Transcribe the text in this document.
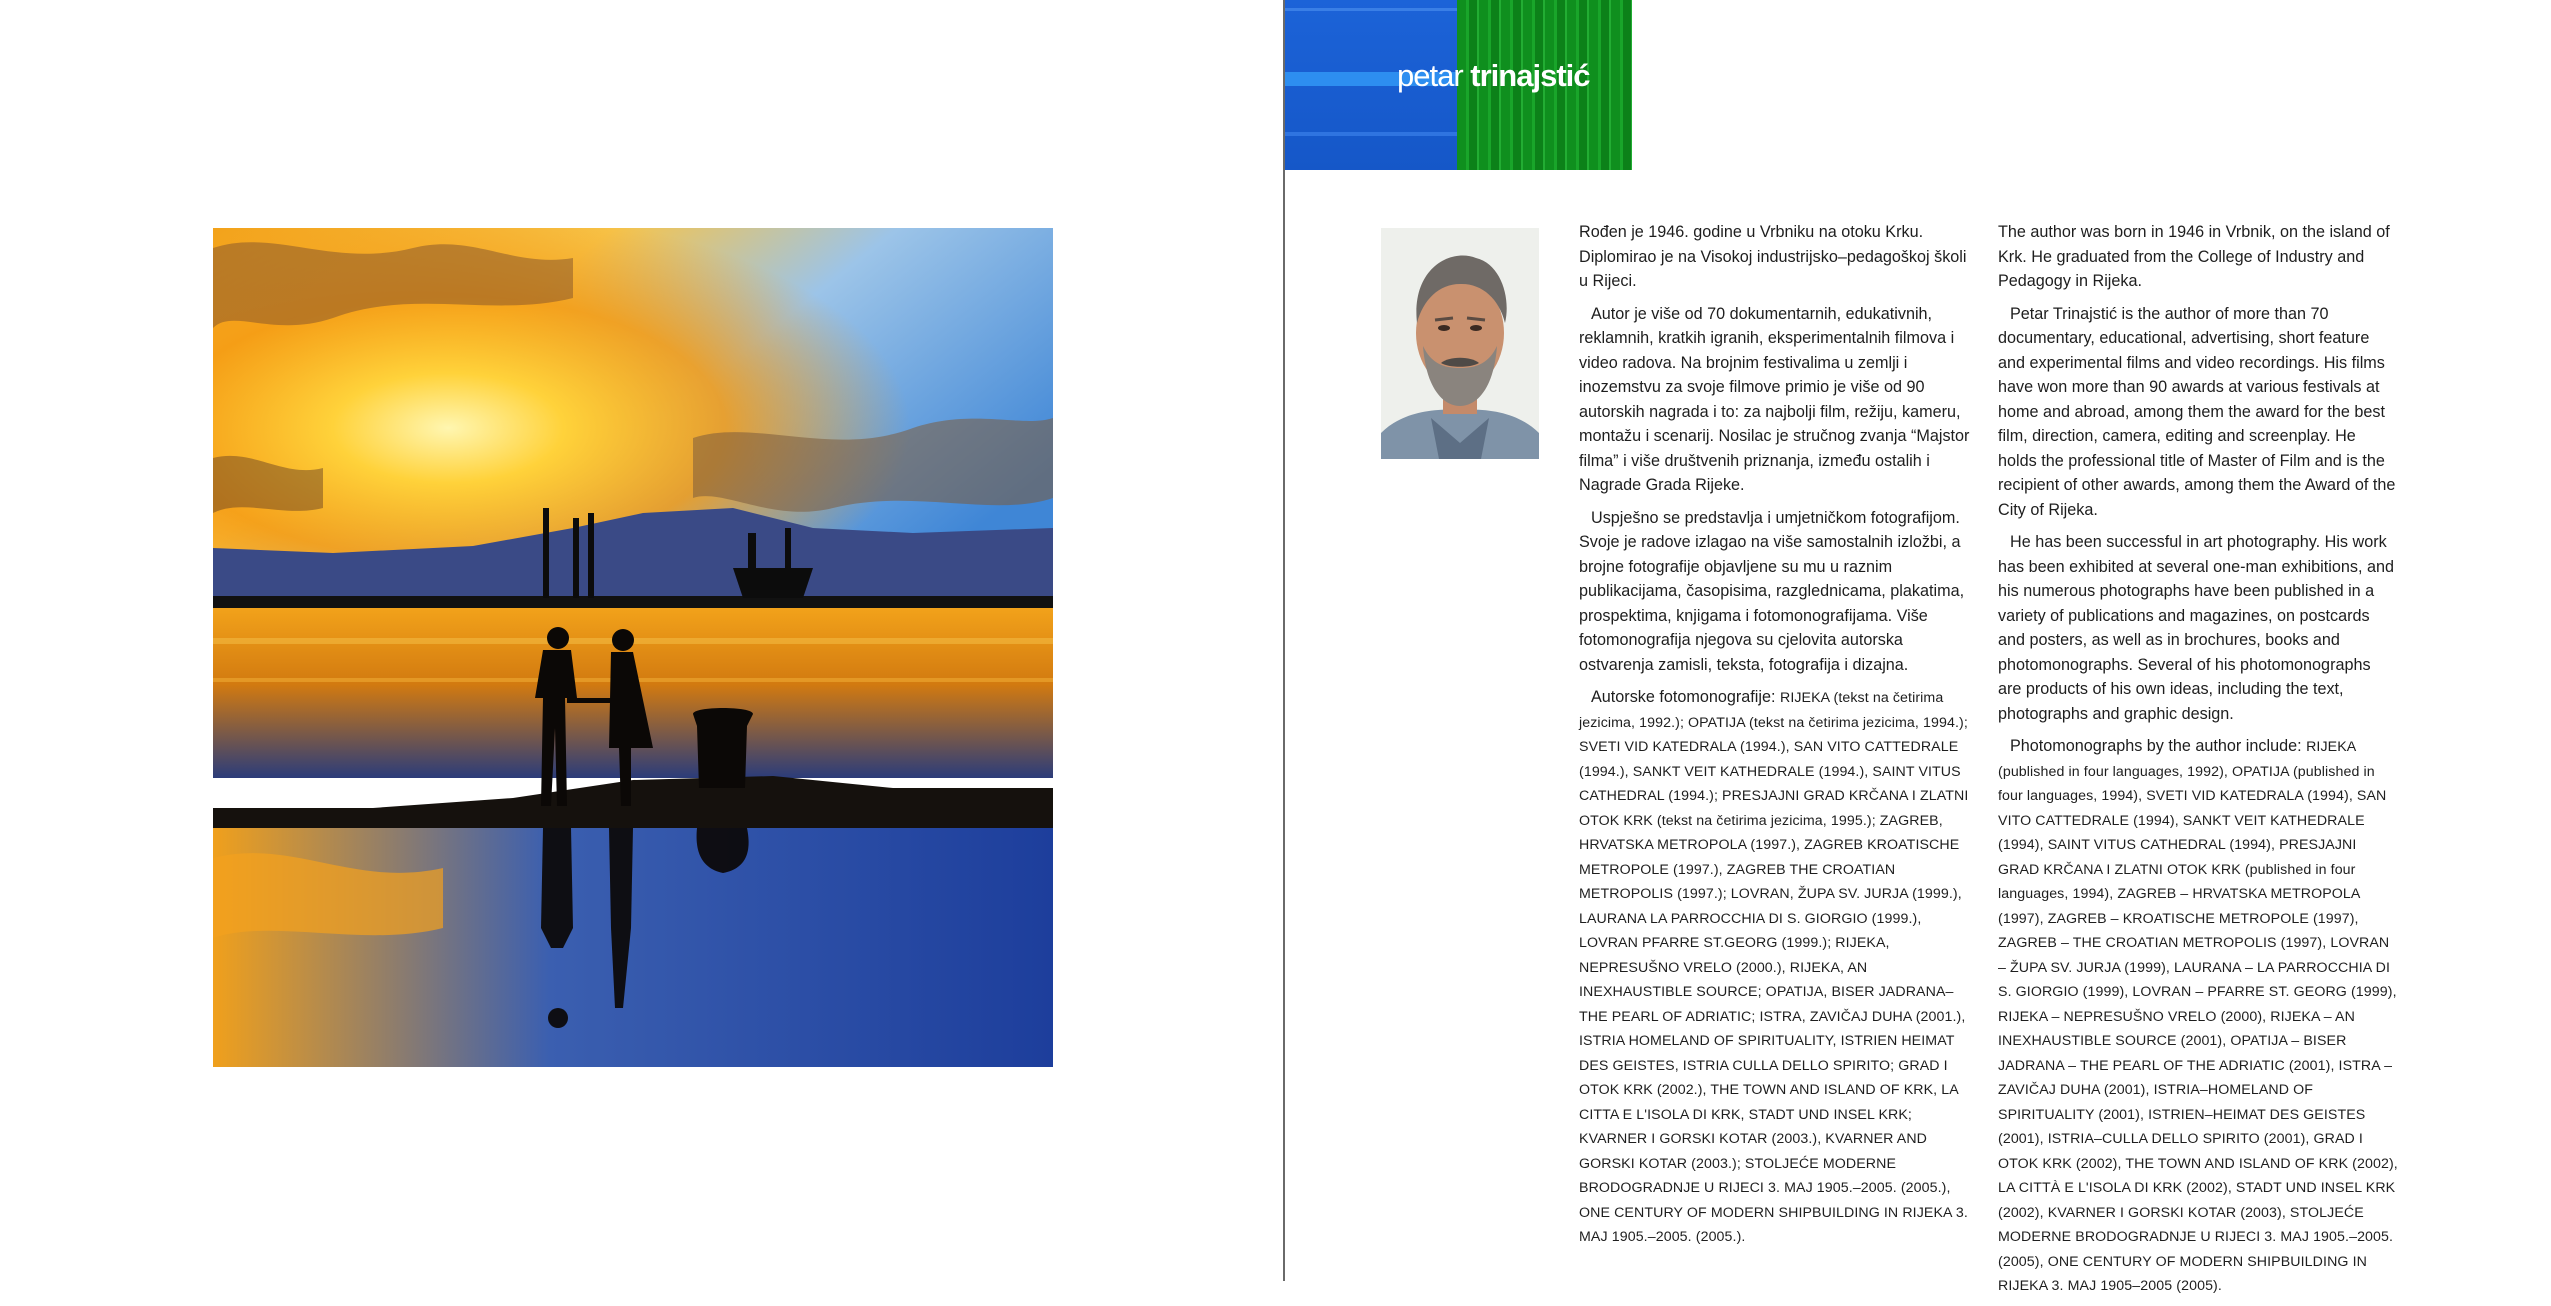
petar trinajstić

Rođen je 1946. godine u Vrbniku na otoku Krku. Diplomirao je na Visokoj industrijsko–pedagoškoj školi u Rijeci.

Autor je više od 70 dokumentarnih, edukativnih, reklamnih, kratkih igranih, eksperimentalnih filmova i video radova. Na brojnim festivalima u zemlji i inozemstvu za svoje filmove primio je više od 90 autorskih nagrada i to: za najbolji film, režiju, kameru, montažu i scenarij. Nosilac je stručnog zvanja “Majstor filma” i više društvenih priznanja, između ostalih i Nagrade Grada Rijeke.

Uspješno se predstavlja i umjetničkom fotografijom. Svoje je radove izlagao na više samostalnih izložbi, a brojne fotografije objavljene su mu u raznim publikacijama, časopisima, razglednicama, plakatima, prospektima, knjigama i fotomonografijama. Više fotomonografija njegova su cjelovita autorska ostvarenja zamisli, teksta, fotografija i dizajna.

Autorske fotomonografije: RIJEKA (tekst na četirima jezicima, 1992.); OPATIJA (tekst na četirima jezicima, 1994.); SVETI VID KATEDRALA (1994.), SAN VITO CATTEDRALE (1994.), SANKT VEIT KATHEDRALE (1994.), SAINT VITUS CATHEDRAL (1994.); PRESJAJNI GRAD KRČANA I ZLATNI OTOK KRK (tekst na četirima jezicima, 1995.); ZAGREB, HRVATSKA METROPOLA (1997.), ZAGREB KROATISCHE METROPOLE (1997.), ZAGREB THE CROATIAN METROPOLIS (1997.); LOVRAN, ŽUPA SV. JURJA (1999.), LAURANA LA PARROCCHIA DI S. GIORGIO (1999.), LOVRAN PFARRE ST.GEORG (1999.); RIJEKA, NEPRESUŠNO VRELO (2000.), RIJEKA, AN INEXHAUSTIBLE SOURCE; OPATIJA, BISER JADRANA–THE PEARL OF ADRIATIC; ISTRA, ZAVIČAJ DUHA (2001.), ISTRIA HOMELAND OF SPIRITUALITY, ISTRIEN HEIMAT DES GEISTES, ISTRIA CULLA DELLO SPIRITO; GRAD I OTOK KRK (2002.), THE TOWN AND ISLAND OF KRK, LA CITTA E L'ISOLA DI KRK, STADT UND INSEL KRK; KVARNER I GORSKI KOTAR (2003.), KVARNER AND GORSKI KOTAR (2003.); STOLJEĆE MODERNE BRODOGRADNJE U RIJECI 3. MAJ 1905.–2005. (2005.), ONE CENTURY OF MODERN SHIPBUILDING IN RIJEKA 3. MAJ 1905.–2005. (2005.).

The author was born in 1946 in Vrbnik, on the island of Krk. He graduated from the College of Industry and Pedagogy in Rijeka.

Petar Trinajstić is the author of more than 70 documentary, educational, advertising, short feature and experimental films and video recordings. His films have won more than 90 awards at various festivals at home and abroad, among them the award for the best film, direction, camera, editing and screenplay. He holds the professional title of Master of Film and is the recipient of other awards, among them the Award of the City of Rijeka.

He has been successful in art photography. His work has been exhibited at several one-man exhibitions, and his numerous photographs have been published in a variety of publications and magazines, on postcards and posters, as well as in brochures, books and photomonographs. Several of his photomonographs are products of his own ideas, including the text, photographs and graphic design.

Photomonographs by the author include: RIJEKA (published in four languages, 1992), OPATIJA (published in four languages, 1994), SVETI VID KATEDRALA (1994), SAN VITO CATTEDRALE (1994), SANKT VEIT KATHEDRALE (1994), SAINT VITUS CATHEDRAL (1994), PRESJAJNI GRAD KRČANA I ZLATNI OTOK KRK (published in four languages, 1994), ZAGREB – HRVATSKA METROPOLA (1997), ZAGREB – KROATISCHE METROPOLE (1997), ZAGREB – THE CROATIAN METROPOLIS (1997), LOVRAN – ŽUPA SV. JURJA (1999), LAURANA – LA PARROCCHIA DI S. GIORGIO (1999), LOVRAN – PFARRE ST. GEORG (1999), RIJEKA – NEPRESUŠNO VRELO (2000), RIJEKA – AN INEXHAUSTIBLE SOURCE (2001), OPATIJA – BISER JADRANA – THE PEARL OF THE ADRIATIC (2001), ISTRA – ZAVIČAJ DUHA (2001), ISTRIA–HOMELAND OF SPIRITUALITY (2001), ISTRIEN–HEIMAT DES GEISTES (2001), ISTRIA–CULLA DELLO SPIRITO (2001), GRAD I OTOK KRK (2002), THE TOWN AND ISLAND OF KRK (2002), LA CITTÀ E L'ISOLA DI KRK (2002), STADT UND INSEL KRK (2002), KVARNER I GORSKI KOTAR (2003), STOLJEĆE MODERNE BRODOGRADNJE U RIJECI 3. MAJ 1905.–2005. (2005), ONE CENTURY OF MODERN SHIPBUILDING IN RIJEKA 3. MAJ 1905–2005 (2005).
